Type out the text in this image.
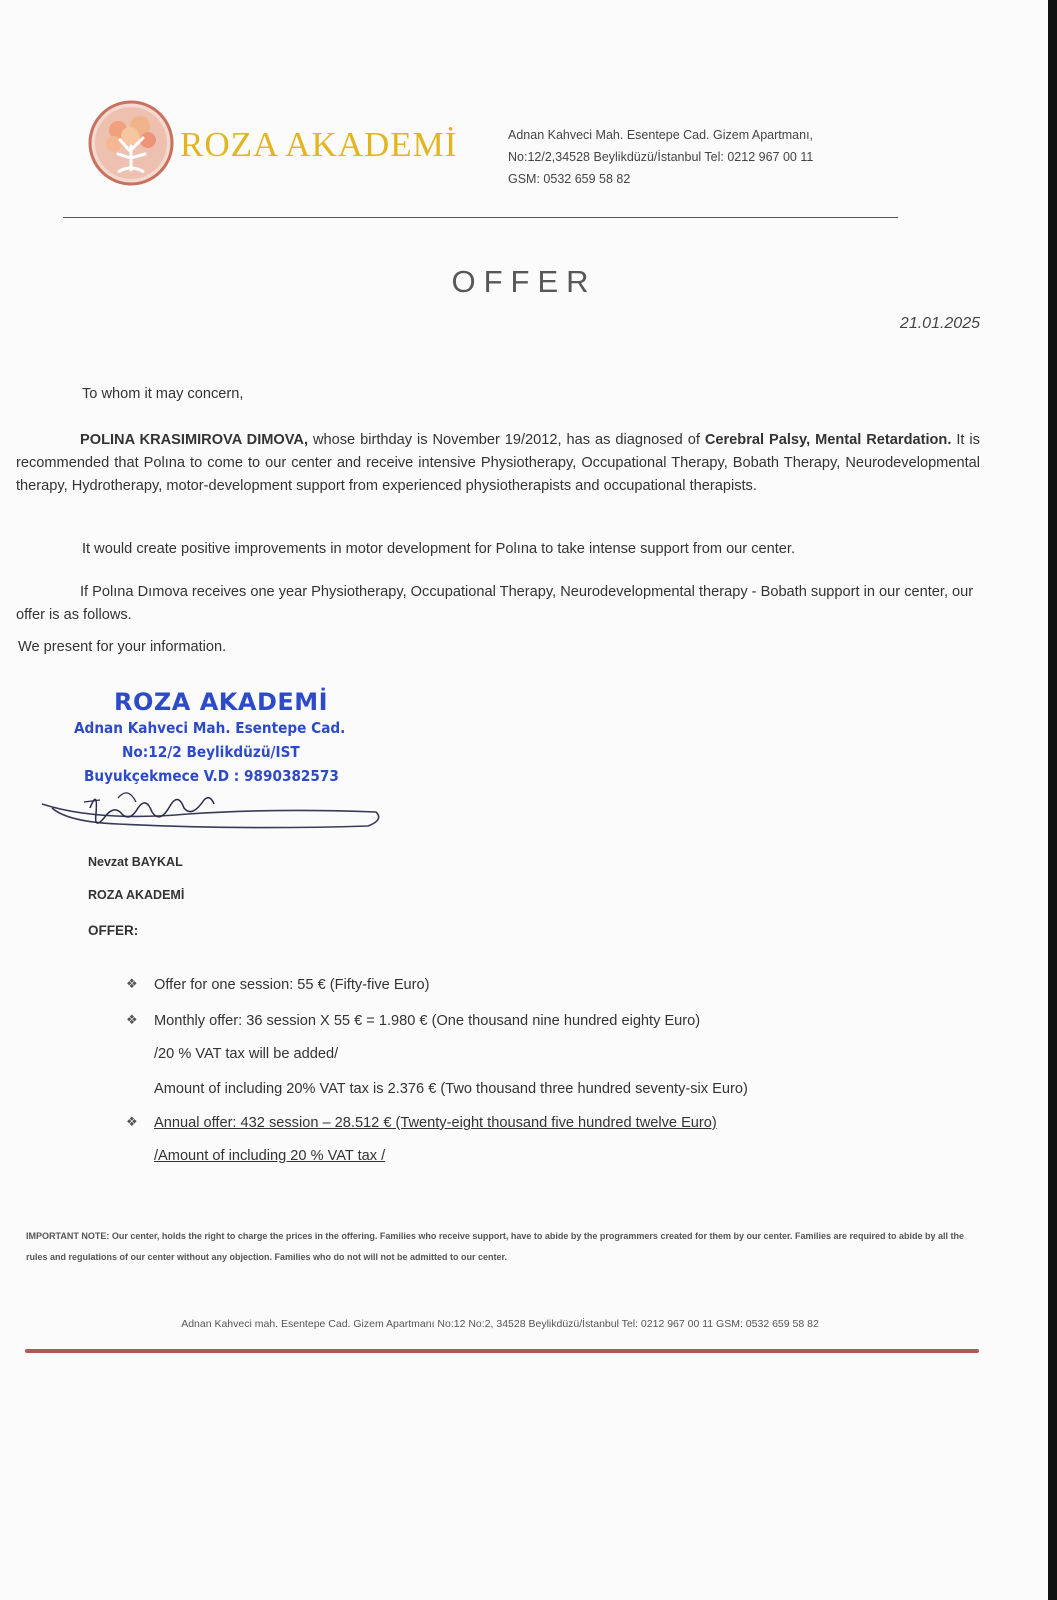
ROZA AKADEMİ	Adnan Kahveci Mah. Esentepe Cad. Gizem Apartmanı,
No:12/2,34528 Beylikdüzü/İstanbul Tel: 0212 967 00 11
GSM: 0532 659 58 82
OFFER
21.01.2025
To whom it may concern,
POLINA KRASIMIROVA DIMOVA, whose birthday is November 19/2012, has as diagnosed of Cerebral Palsy, Mental Retardation. It is recommended that Polına to come to our center and receive intensive Physiotherapy, Occupational Therapy, Bobath Therapy, Neurodevelopmental therapy, Hydrotherapy, motor-development support from experienced physiotherapists and occupational therapists.
It would create positive improvements in motor development for Polına to take intense support from our center.
If Polına Dımova receives one year Physiotherapy, Occupational Therapy, Neurodevelopmental therapy - Bobath support in our center, our offer is as follows.
We present for your information.
ROZA AKADEMİ
Adnan Kahveci Mah. Esentepe Cad.
No:12/2 Beylikdüzü/IST
Buyukçekmece V.D : 9890382573
Nevzat BAYKAL
ROZA AKADEMİ
OFFER:
❖ Offer for one session: 55 € (Fifty-five Euro)
❖ Monthly offer: 36 session X 55 € = 1.980 € (One thousand nine hundred eighty Euro)
/20 % VAT tax will be added/
Amount of including 20% VAT tax is 2.376 € (Two thousand three hundred seventy-six Euro)
❖ Annual offer: 432 session – 28.512 € (Twenty-eight thousand five hundred twelve Euro)
/Amount of including 20 % VAT tax /
IMPORTANT NOTE: Our center, holds the right to charge the prices in the offering. Families who receive support, have to abide by the programmers created for them by our center. Families are required to abide by all the rules and regulations of our center without any objection. Families who do not will not be admitted to our center.
Adnan Kahveci mah. Esentepe Cad. Gizem Apartmanı No:12 No:2, 34528 Beylikdüzü/İstanbul Tel: 0212 967 00 11 GSM: 0532 659 58 82
